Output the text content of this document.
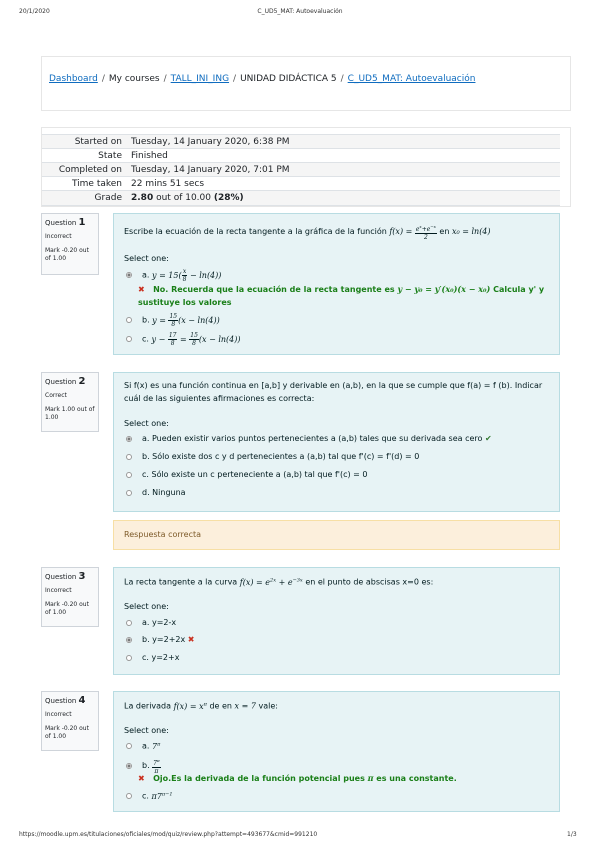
20/1/2020	C_UD5_MAT: Autoevaluación
Dashboard / My courses / TALL_INI_ING / UNIDAD DIDÁCTICA 5 / C_UD5_MAT: Autoevaluación
Started on Tuesday, 14 January 2020, 6:38 PM
State Finished
Completed on Tuesday, 14 January 2020, 7:01 PM
Time taken 22 mins 51 secs
Grade 2.80 out of 10.00 (28%)
Question 1
Incorrect
Mark -0.20 out of 1.00
Escribe la ecuación de la recta tangente a la gráfica de la función $f(x) = \frac{e^x+e^{-x}}{2}$ en x₀ = ln(4)
Select one:
a. $y = 15( \frac{x}{8} - \ln(4))$
✖ No. Recuerda que la ecuación de la recta tangente es y − y₀ = y′(x₀)(x − x₀) Calcula y' y
sustituye los valores
b. $y = \frac{15}{8} (x - \ln(4))$
c. $y - \frac{17}{8} = \frac{15}{8} (x - \ln(4))$
Question 2
Correct
Mark 1.00 out of 1.00
Si f(x) es una función continua en [a,b] y derivable en (a,b), en la que se cumple que f(a) = f (b). Indicar cuál de las siguientes afirmaciones es correcta:
Select one:
a. Pueden existir varios puntos pertenecientes a (a,b) tales que su derivada sea cero ✔
b. Sólo existe dos c y d pertenecientes a (a,b) tal que f'(c) = f'(d) = 0
c. Sólo existe un c perteneciente a (a,b) tal que f'(c) = 0
d. Ninguna
Respuesta correcta
Question 3
Incorrect
Mark -0.20 out of 1.00
La recta tangente a la curva $f(x) = e^{2x} + e^{-3x}$ en el punto de abscisas x=0 es:
Select one:
a. y=2-x
b. y=2+2x ✖
c. y=2+x
Question 4
Incorrect
Mark -0.20 out of 1.00
La derivada $f(x) = x^\pi$ de en x = 7 vale:
Select one:
a. $7^\pi$
b. $\frac{7^\pi}{\pi}$
✖ Ojo.Es la derivada de la función potencial pues π es una constante.
c. $\pi 7^{\pi-1}$
https://moodle.upm.es/titulaciones/oficiales/mod/quiz/review.php?attempt=493677&cmid=991210	1/3
